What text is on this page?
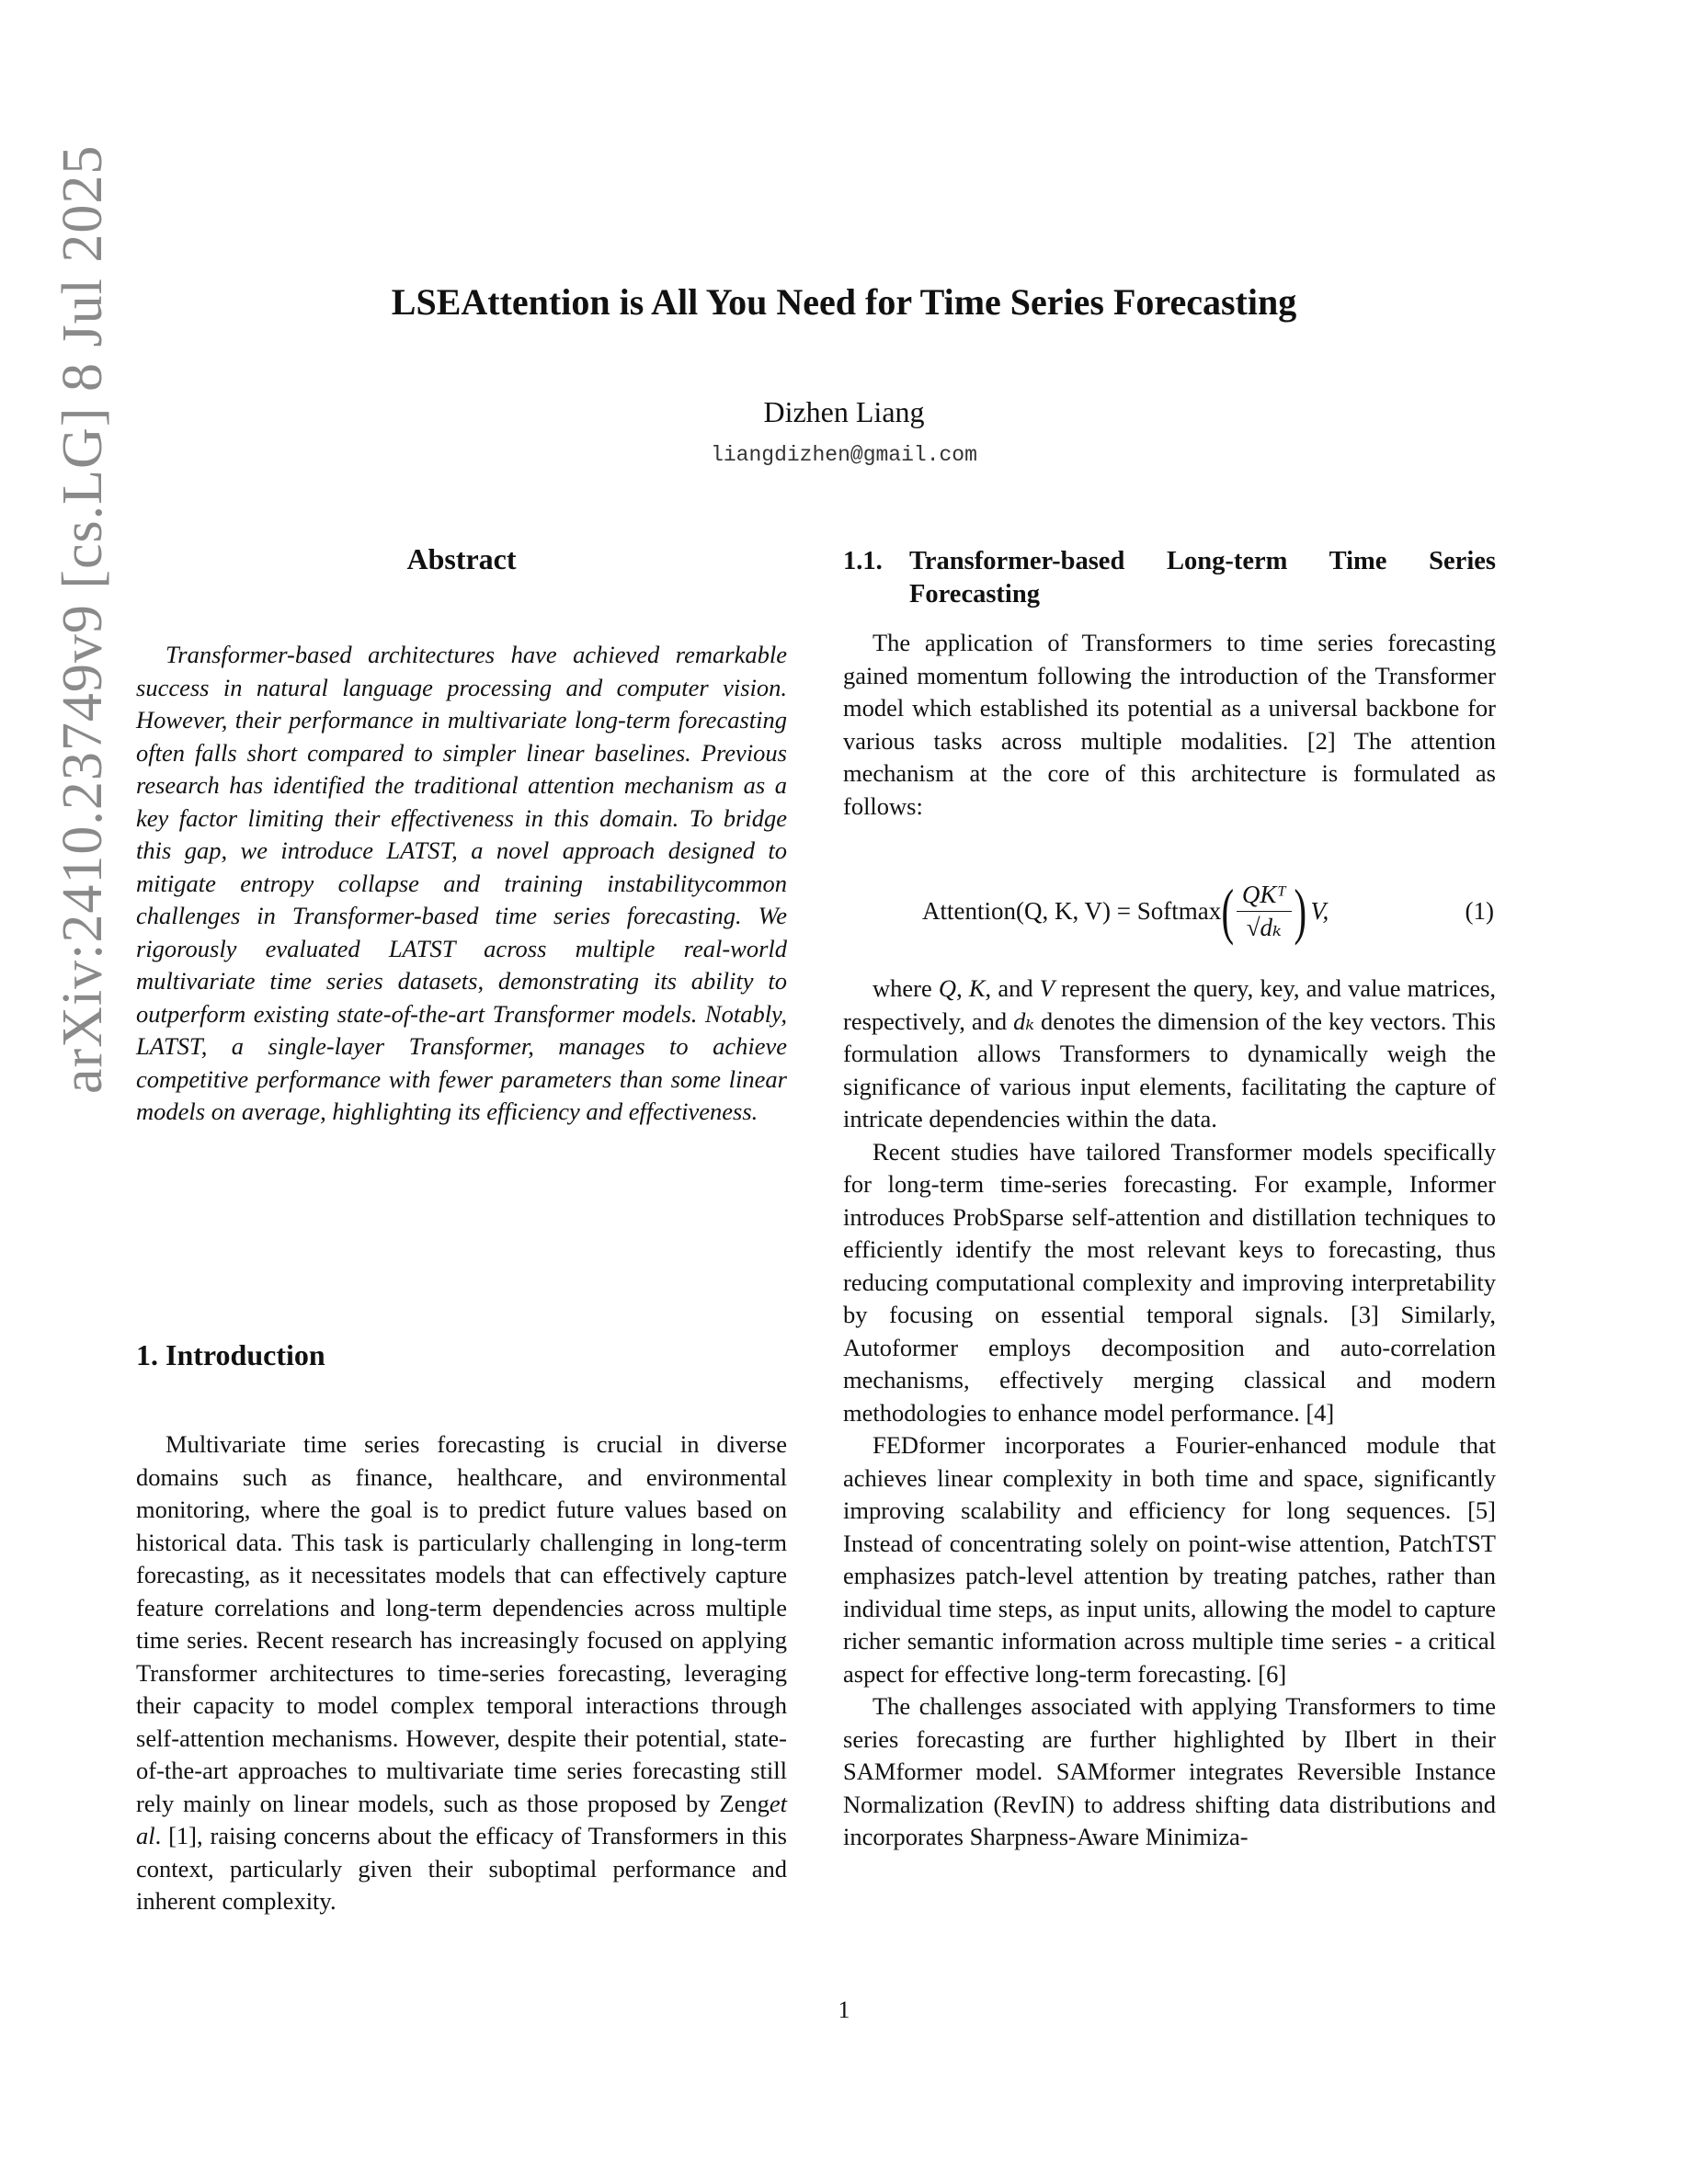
arXiv:2410.23749v9 [cs.LG] 8 Jul 2025	LSEAttention is All You Need for Time Series Forecasting
Dizhen Liang
liangdizhen@gmail.com
Abstract

Transformer-based architectures have achieved remarkable success in natural language processing and computer vision. However, their performance in multivariate long-term forecasting often falls short compared to simpler linear baselines. Previous research has identified the traditional attention mechanism as a key factor limiting their effectiveness in this domain. To bridge this gap, we introduce LATST, a novel approach designed to mitigate entropy collapse and training instabilitycommon challenges in Transformer-based time series forecasting. We rigorously evaluated LATST across multiple real-world multivariate time series datasets, demonstrating its ability to outperform existing state-of-the-art Transformer models. Notably, LATST, a single-layer Transformer, manages to achieve competitive performance with fewer parameters than some linear models on average, highlighting its efficiency and effectiveness.

1. Introduction

Multivariate time series forecasting is crucial in diverse domains such as finance, healthcare, and environmental monitoring, where the goal is to predict future values based on historical data. This task is particularly challenging in long-term forecasting, as it necessitates models that can effectively capture feature correlations and long-term dependencies across multiple time series. Recent research has increasingly focused on applying Transformer architectures to time-series forecasting, leveraging their capacity to model complex temporal interactions through self-attention mechanisms. However, despite their potential, state-of-the-art approaches to multivariate time series forecasting still rely mainly on linear models, such as those proposed by Zenget al. [1], raising concerns about the efficacy of Transformers in this context, particularly given their suboptimal performance and inherent complexity.

1.1. Transformer-based Long-term Time Series
Forecasting

The application of Transformers to time series forecasting gained momentum following the introduction of the Transformer model which established its potential as a universal backbone for various tasks across multiple modalities. [2] The attention mechanism at the core of this architecture is formulated as follows:

Attention(Q, K, V) = Softmax ( $\frac{\text{QKᵀ}}{\text{√dₖ}}$ ) V,	(1)

where Q, K, and V represent the query, key, and value matrices, respectively, and dₖ denotes the dimension of the key vectors. This formulation allows Transformers to dynamically weigh the significance of various input elements, facilitating the capture of intricate dependencies within the data.

Recent studies have tailored Transformer models specifically for long-term time-series forecasting. For example, Informer introduces ProbSparse self-attention and distillation techniques to efficiently identify the most relevant keys to forecasting, thus reducing computational complexity and improving interpretability by focusing on essential temporal signals. [3] Similarly, Autoformer employs decomposition and auto-correlation mechanisms, effectively merging classical and modern methodologies to enhance model performance. [4]

FEDformer incorporates a Fourier-enhanced module that achieves linear complexity in both time and space, significantly improving scalability and efficiency for long sequences. [5] Instead of concentrating solely on point-wise attention, PatchTST emphasizes patch-level attention by treating patches, rather than individual time steps, as input units, allowing the model to capture richer semantic information across multiple time series - a critical aspect for effective long-term forecasting. [6]

The challenges associated with applying Transformers to time series forecasting are further highlighted by Ilbert in their SAMformer model. SAMformer integrates Reversible Instance Normalization (RevIN) to address shifting data distributions and incorporates Sharpness-Aware Minimiza-

1
